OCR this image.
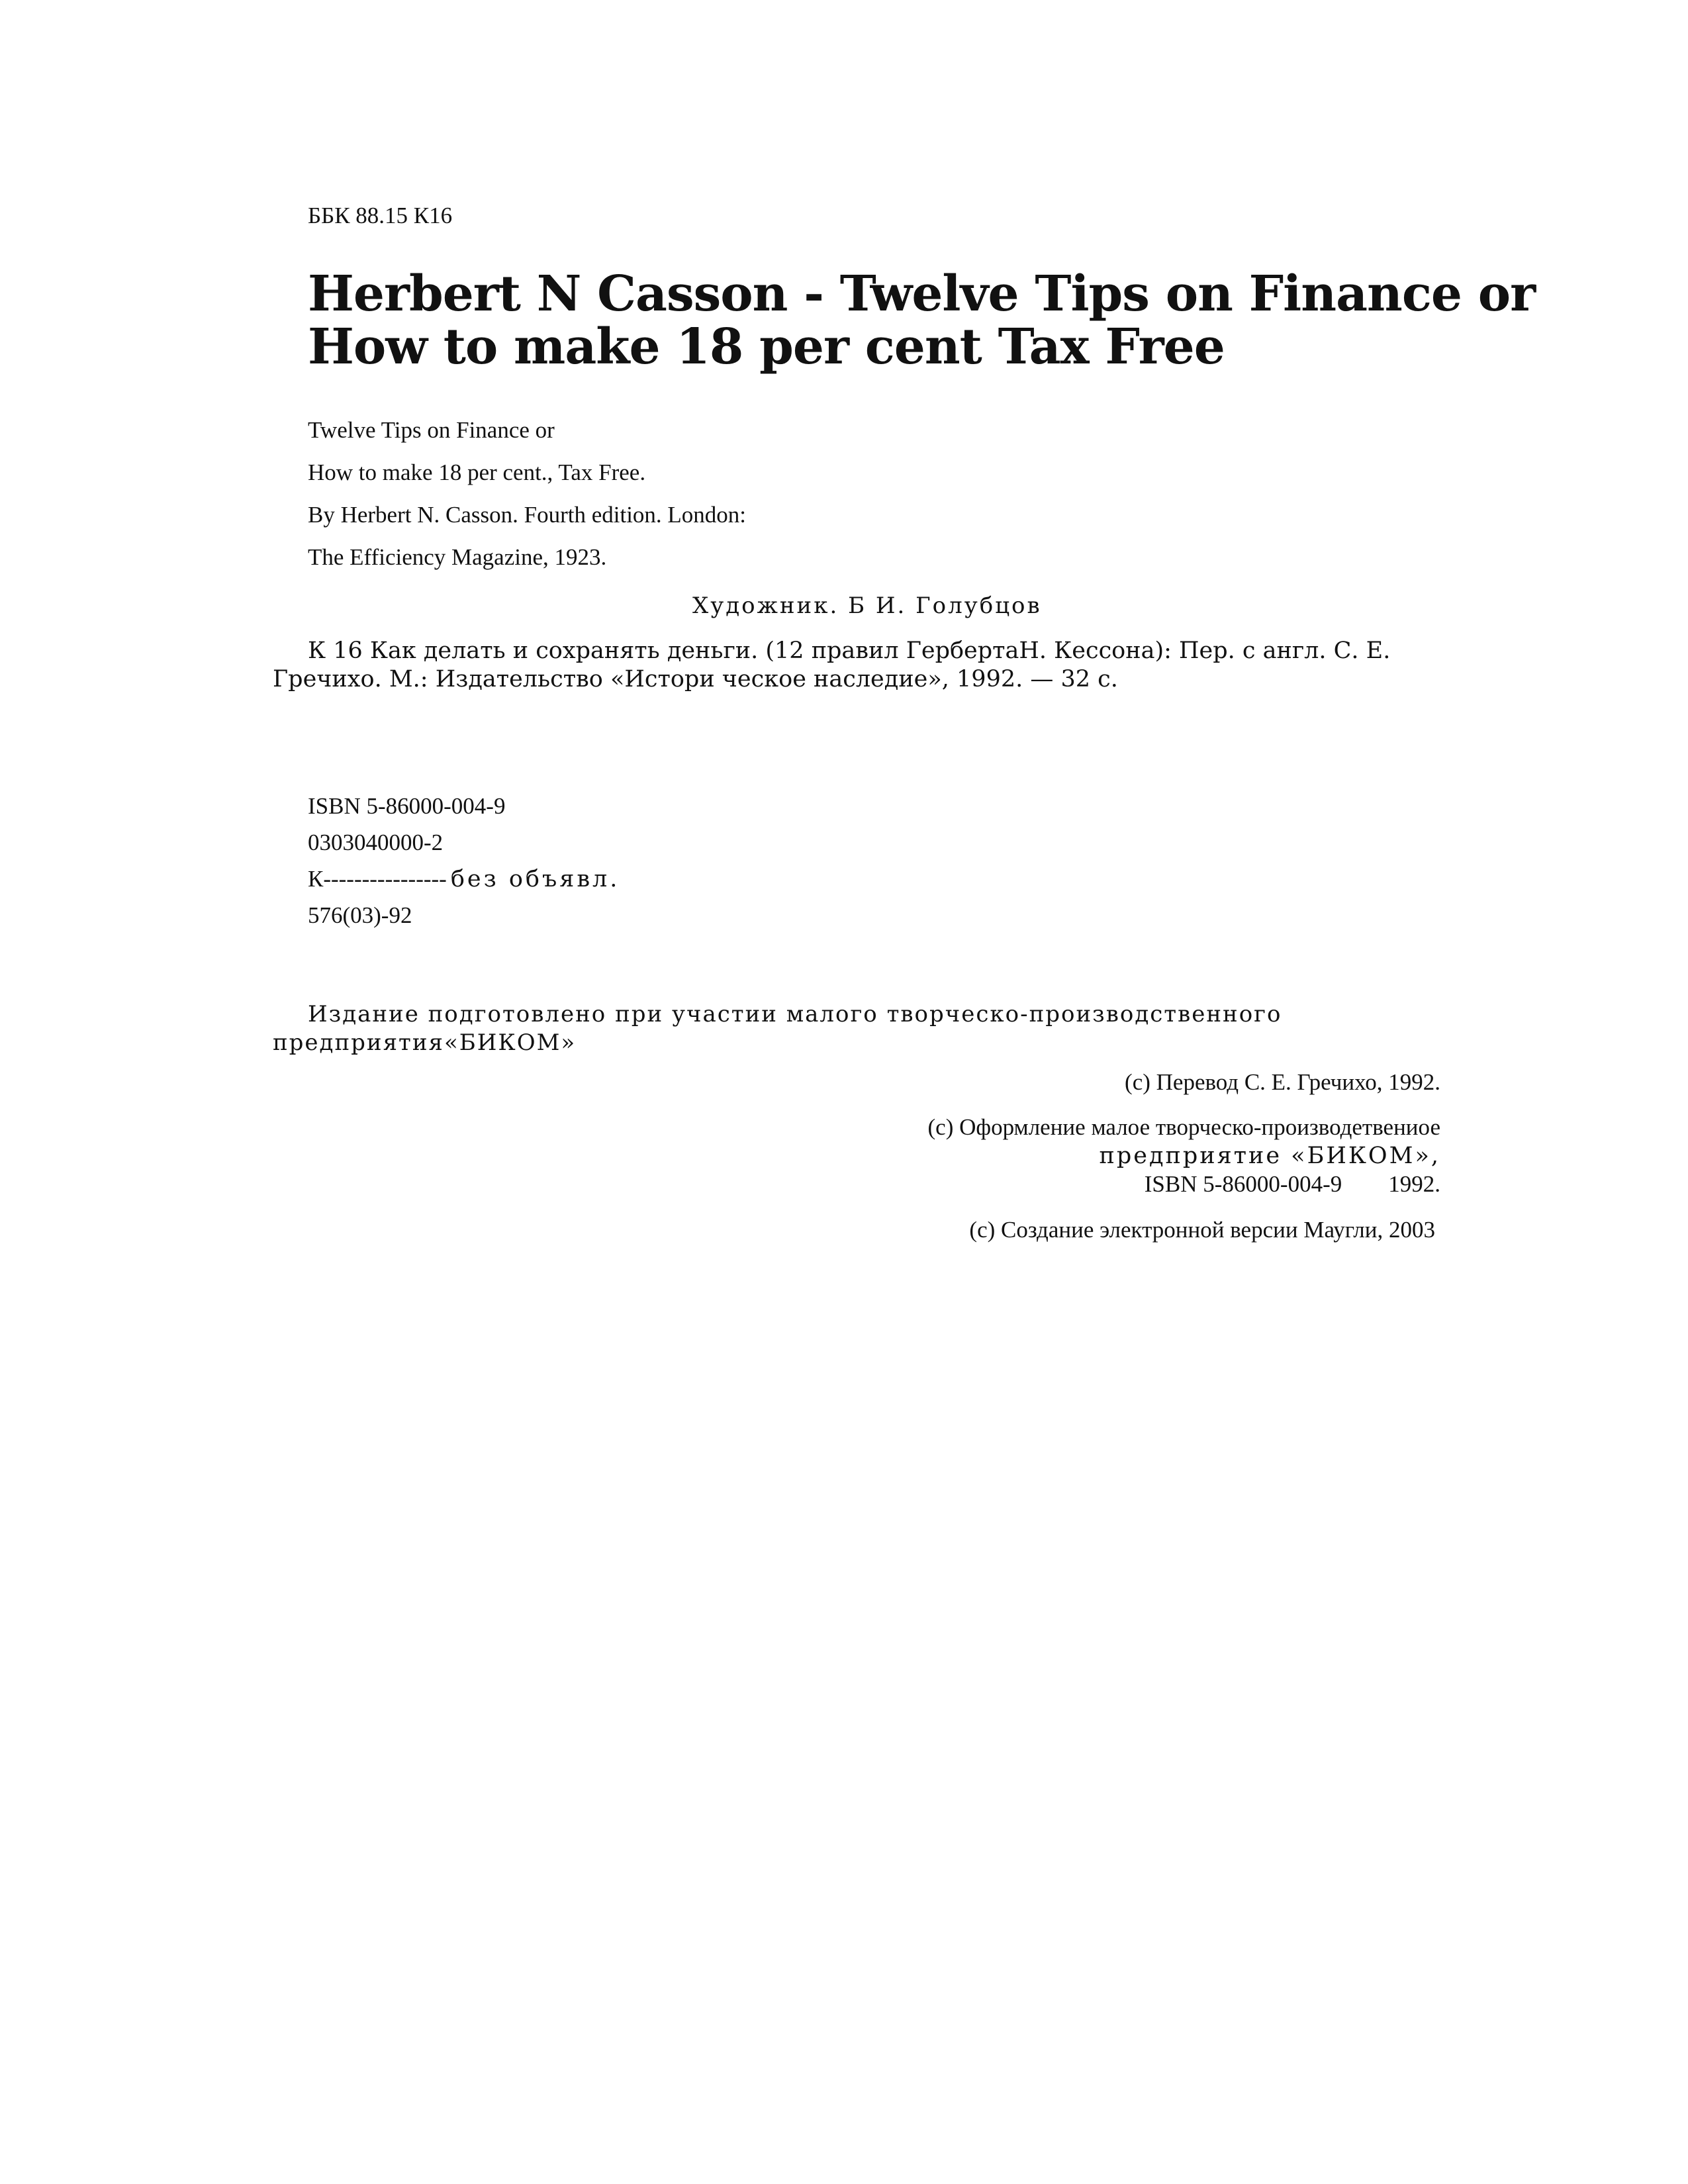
ББК 88.15 К16
Herbert N Casson - Twelve Tips on Finance or
How to make 18 per cent Tax Free
Twelve Tips on Finance or
How to make 18 per cent., Tax Free.
By Herbert N. Casson. Fourth edition. London:
The Efficiency Magazine, 1923.
Художник. Б И. Голубцов
К 16 Как делать и сохранять деньги. (12 правил ГербертаН. Кессона): Пер. с англ. С. Е.
Гречихо. М.: Издательство «Истори ческое наследие», 1992. — 32 с.
ISBN 5-86000-004-9
0303040000-2
К---------------- без объявл.
576(03)-92
Издание подготовлено при участии малого творческо-производственного
предприятия«БИКОМ»
(с) Перевод С. Е. Гречихо, 1992.
(с) Оформление малое творческо-производетвениое
предприятие «БИКОМ»,
ISBN 5-86000-004-9        1992.
(с) Создание электронной версии Маугли, 2003
